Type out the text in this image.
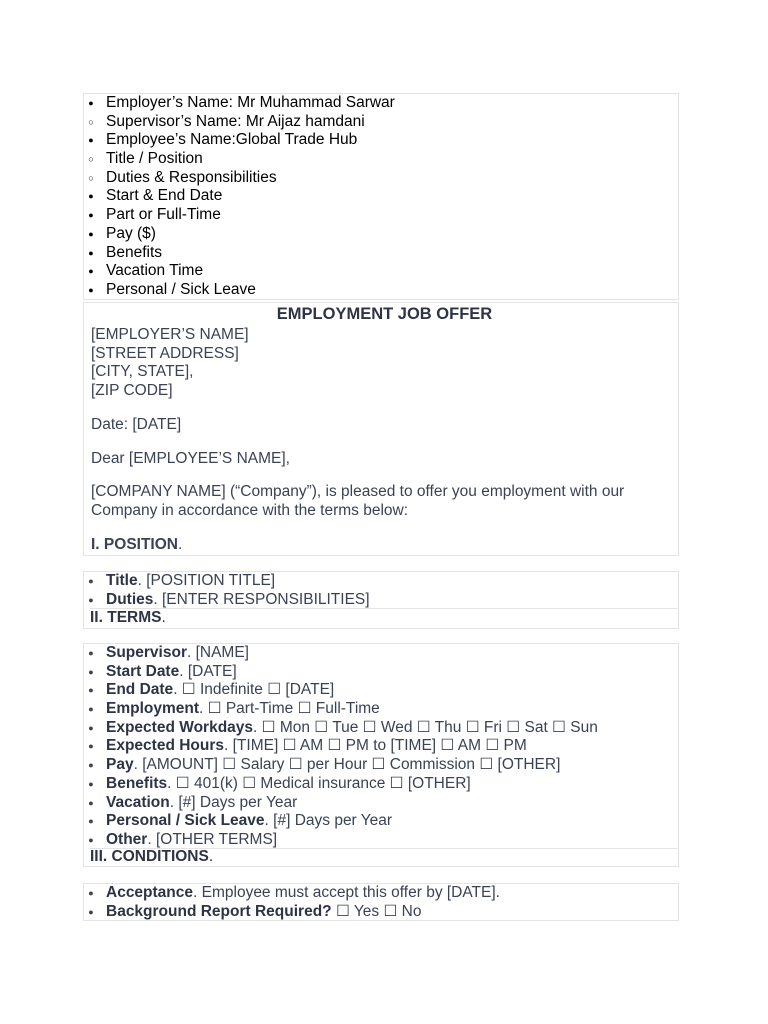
● Employer’s Name: Mr Muhammad Sarwar
○ Supervisor’s Name: Mr Aijaz hamdani
● Employee’s Name:Global Trade Hub
○ Title / Position
○ Duties & Responsibilities
● Start & End Date
● Part or Full-Time
● Pay ($)
● Benefits
● Vacation Time
● Personal / Sick Leave

EMPLOYMENT JOB OFFER

[EMPLOYER’S NAME]

[STREET ADDRESS]

[CITY, STATE],

[ZIP CODE]

Date: [DATE]

Dear [EMPLOYEE’S NAME],

[COMPANY NAME] (“Company”), is pleased to offer you employment with our

Company in accordance with the terms below:

I. POSITION.

● Title. [POSITION TITLE]
● Duties. [ENTER RESPONSIBILITIES]
II. TERMS.
● Supervisor. [NAME]
● Start Date. [DATE]
● End Date. ☐ Indefinite ☐ [DATE]
● Employment. ☐ Part-Time ☐ Full-Time
● Expected Workdays. ☐ Mon ☐ Tue ☐ Wed ☐ Thu ☐ Fri ☐ Sat ☐ Sun
● Expected Hours. [TIME] ☐ AM ☐ PM to [TIME] ☐ AM ☐ PM
● Pay. [AMOUNT] ☐ Salary ☐ per Hour ☐ Commission ☐ [OTHER]
● Benefits. ☐ 401(k) ☐ Medical insurance ☐ [OTHER]
● Vacation. [#] Days per Year
● Personal / Sick Leave. [#] Days per Year
● Other. [OTHER TERMS]
III. CONDITIONS.
● Acceptance. Employee must accept this offer by [DATE].
● Background Report Required? ☐ Yes ☐ No
